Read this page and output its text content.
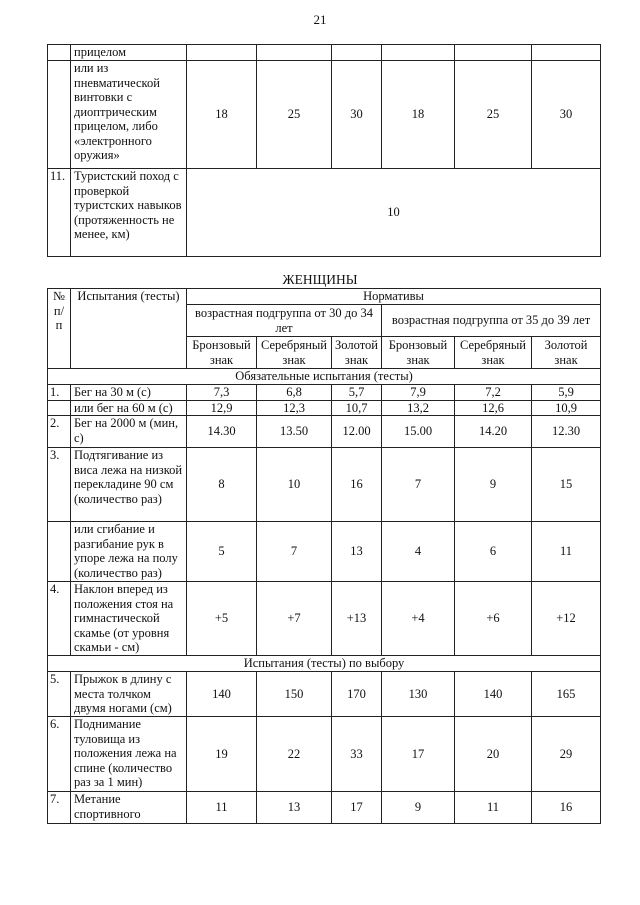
21
	прицелом						
	или из пневматической винтовки с диоптрическим прицелом, либо «электронного оружия»	18	25	30	18	25	30
11.	Туристский поход с проверкой туристских навыков (протяженность не менее, км)	10					
ЖЕНЩИНЫ
№ п/п	Испытания (тесты)	Нормативы					
		возрастная подгруппа от 30 до 34 лет			возрастная подгруппа от 35 до 39 лет		
		Бронзовый знак	Серебряный знак	Золотой знак	Бронзовый знак	Серебряный знак	Золотой знак
Обязательные испытания (тесты)							
1.	Бег на 30 м (с)	7,3	6,8	5,7	7,9	7,2	5,9
	или бег на 60 м (с)	12,9	12,3	10,7	13,2	12,6	10,9
2.	Бег на 2000 м (мин, с)	14.30	13.50	12.00	15.00	14.20	12.30
3.	Подтягивание из виса лежа на низкой перекладине 90 см (количество раз)	8	10	16	7	9	15
	или сгибание и разгибание рук в упоре лежа на полу (количество раз)	5	7	13	4	6	11
4.	Наклон вперед из положения стоя на гимнастической скамье (от уровня скамьи - см)	+5	+7	+13	+4	+6	+12
Испытания (тесты) по выбору							
5.	Прыжок в длину с места толчком двумя ногами (см)	140	150	170	130	140	165
6.	Поднимание туловища из положения лежа на спине (количество раз за 1 мин)	19	22	33	17	20	29
7.	Метание спортивного	11	13	17	9	11	16
